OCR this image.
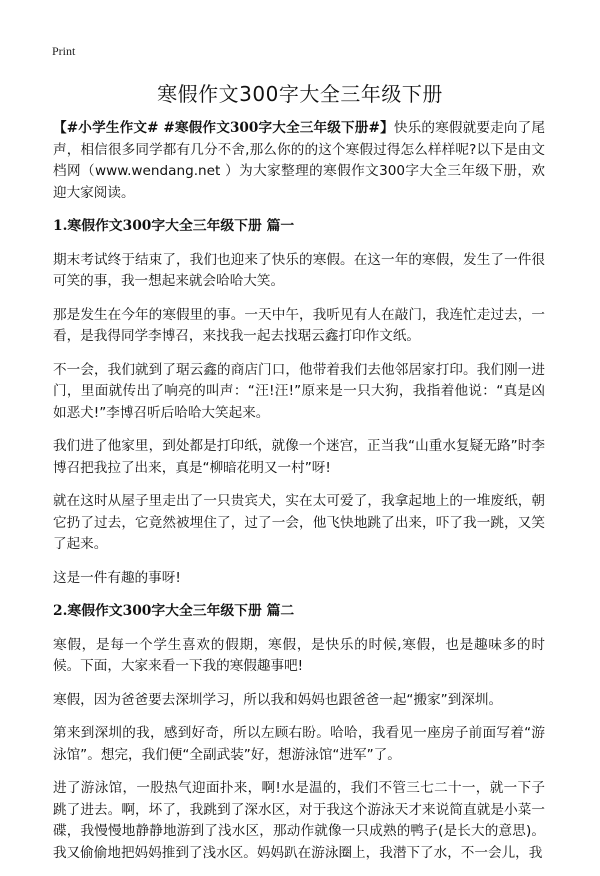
Print
寒假作文300字大全三年级下册

【#小学生作文# #寒假作文300字大全三年级下册#】快乐的寒假就要走向了尾声，相信很多同学都有几分不舍,那么你的的这个寒假过得怎么样样呢?以下是由文档网（www.wendang.net ）为大家整理的寒假作文300字大全三年级下册，欢迎大家阅读。

1.寒假作文300字大全三年级下册 篇一

期末考试终于结束了，我们也迎来了快乐的寒假。在这一年的寒假，发生了一件很可笑的事，我一想起来就会哈哈大笑。

那是发生在今年的寒假里的事。一天中午，我听见有人在敲门，我连忙走过去，一看，是我得同学李博召，来找我一起去找琚云鑫打印作文纸。

不一会，我们就到了琚云鑫的商店门口，他带着我们去他邻居家打印。我们刚一进门，里面就传出了响亮的叫声：“汪!汪!”原来是一只大狗，我指着他说：“真是凶如恶犬!”李博召听后哈哈大笑起来。

我们进了他家里，到处都是打印纸，就像一个迷宫，正当我“山重水复疑无路”时李博召把我拉了出来，真是“柳暗花明又一村”呀!

就在这时从屋子里走出了一只贵宾犬，实在太可爱了，我拿起地上的一堆废纸，朝它扔了过去，它竟然被埋住了，过了一会，他飞快地跳了出来，吓了我一跳，又笑了起来。

这是一件有趣的事呀!

2.寒假作文300字大全三年级下册 篇二

寒假，是每一个学生喜欢的假期，寒假，是快乐的时候,寒假，也是趣味多的时候。下面，大家来看一下我的寒假趣事吧!

寒假，因为爸爸要去深圳学习，所以我和妈妈也跟爸爸一起“搬家”到深圳。

第来到深圳的我，感到好奇，所以左顾右盼。哈哈，我看见一座房子前面写着“游泳馆”。想完，我们便“全副武装”好，想游泳馆“进军”了。

进了游泳馆，一股热气迎面扑来，啊!水是温的，我们不管三七二十一，就一下子跳了进去。啊，坏了，我跳到了深水区，对于我这个游泳天才来说简直就是小菜一碟，我慢慢地静静地游到了浅水区，那动作就像一只成熟的鸭子(是长大的意思)。我又偷偷地把妈妈推到了浅水区。妈妈趴在游泳圈上，我潜下了水，不一会儿，我
